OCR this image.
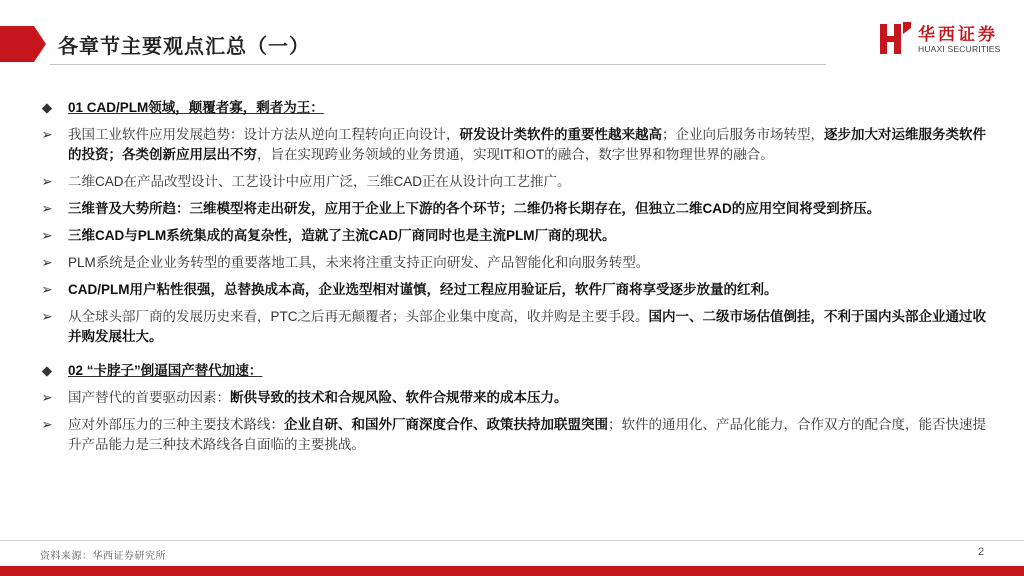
各章节主要观点汇总（一）
华西证券
HUAXI SECURITIES
◆ 01 CAD/PLM领域，颠覆者寡，剩者为王：
➢ 我国工业软件应用发展趋势：设计方法从逆向工程转向正向设计，研发设计类软件的重要性越来越高；企业向后服务市场转型，逐步加大对运维服务类软件的投资；各类创新应用层出不穷，旨在实现跨业务领域的业务贯通，实现IT和OT的融合，数字世界和物理世界的融合。
➢ 二维CAD在产品改型设计、工艺设计中应用广泛，三维CAD正在从设计向工艺推广。
➢ 三维普及大势所趋：三维模型将走出研发，应用于企业上下游的各个环节；二维仍将长期存在，但独立二维CAD的应用空间将受到挤压。
➢ 三维CAD与PLM系统集成的高复杂性，造就了主流CAD厂商同时也是主流PLM厂商的现状。
➢ PLM系统是企业业务转型的重要落地工具，未来将注重支持正向研发、产品智能化和向服务转型。
➢ CAD/PLM用户粘性很强，总替换成本高，企业选型相对谨慎，经过工程应用验证后，软件厂商将享受逐步放量的红利。
➢ 从全球头部厂商的发展历史来看，PTC之后再无颠覆者；头部企业集中度高，收并购是主要手段。国内一、二级市场估值倒挂，不利于国内头部企业通过收并购发展壮大。
◆ 02 “卡脖子”倒逼国产替代加速：
➢ 国产替代的首要驱动因素：断供导致的技术和合规风险、软件合规带来的成本压力。
➢ 应对外部压力的三种主要技术路线：企业自研、和国外厂商深度合作、政策扶持加联盟突围；软件的通用化、产品化能力，合作双方的配合度，能否快速提升产品能力是三种技术路线各自面临的主要挑战。
资料来源：华西证券研究所	2
